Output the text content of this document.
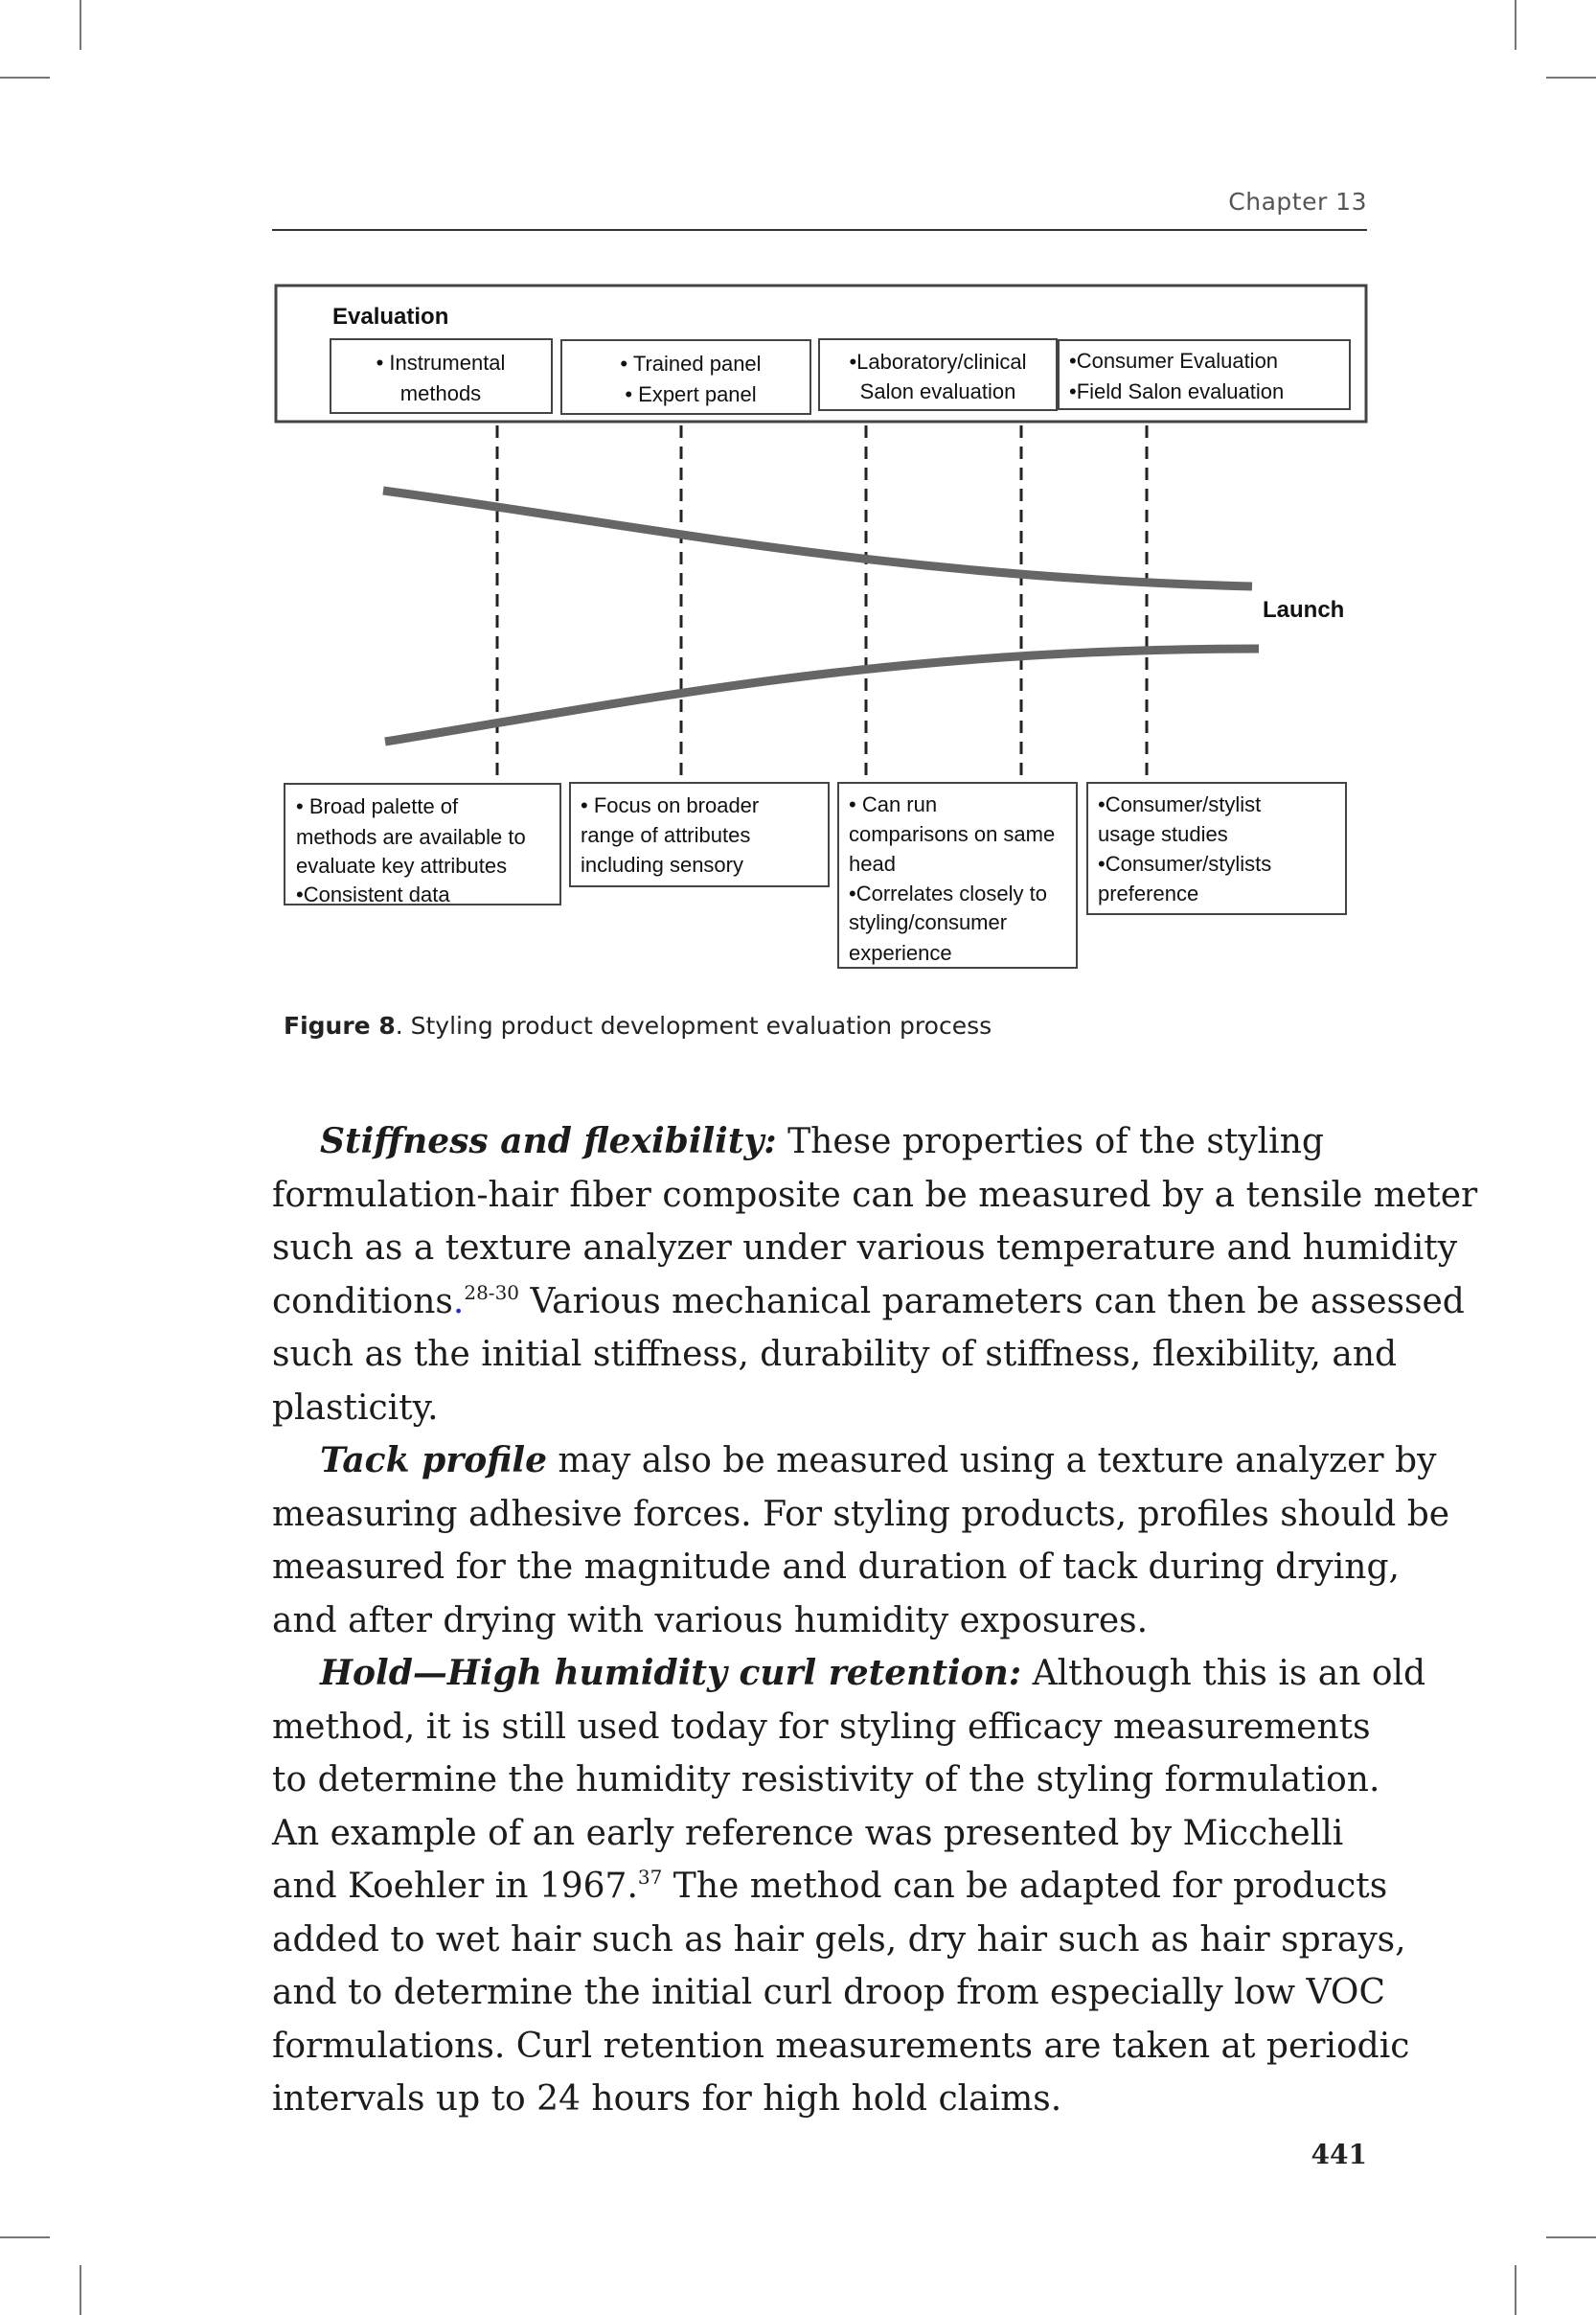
Chapter 13
Evaluation
• Instrumental
methods
• Trained panel
• Expert panel
•Laboratory/clinical
Salon evaluation
•Consumer Evaluation
•Field Salon evaluation
Launch
• Broad palette of
methods are available to
evaluate key attributes
•Consistent data
• Focus on broader
range of attributes
including sensory
• Can run
comparisons on same
head
•Correlates closely to
styling/consumer
experience
•Consumer/stylist
usage studies
•Consumer/stylists
preference
Figure 8. Styling product development evaluation process
Stiffness and flexibility: These properties of the styling
formulation-hair fiber composite can be measured by a tensile meter
such as a texture analyzer under various temperature and humidity
conditions.$^{28-30}$ Various mechanical parameters can then be assessed
such as the initial stiffness, durability of stiffness, flexibility, and
plasticity.
Tack profile may also be measured using a texture analyzer by
measuring adhesive forces. For styling products, profiles should be
measured for the magnitude and duration of tack during drying,
and after drying with various humidity exposures.
Hold—High humidity curl retention: Although this is an old
method, it is still used today for styling efficacy measurements
to determine the humidity resistivity of the styling formulation.
An example of an early reference was presented by Micchelli
and Koehler in 1967.37 The method can be adapted for products
added to wet hair such as hair gels, dry hair such as hair sprays,
and to determine the initial curl droop from especially low VOC
formulations. Curl retention measurements are taken at periodic
intervals up to 24 hours for high hold claims.
441
